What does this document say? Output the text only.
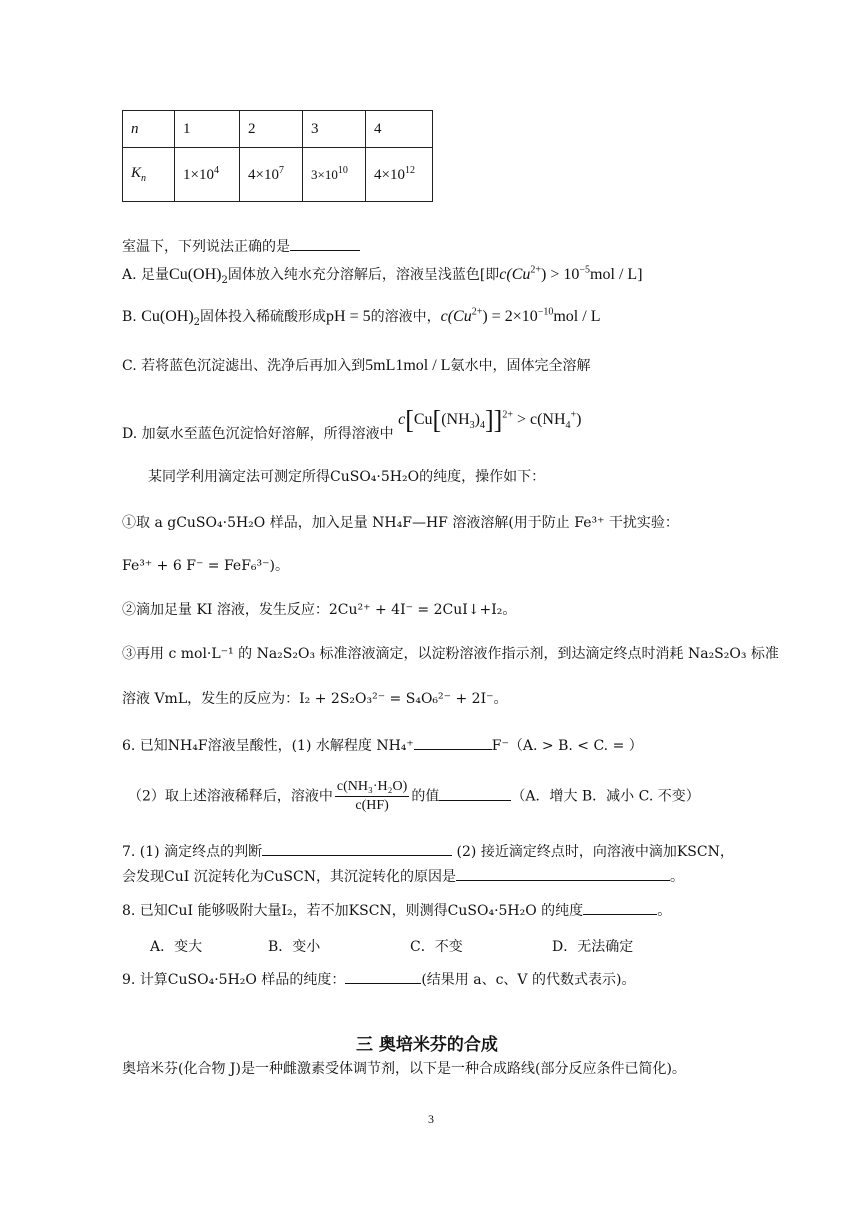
n	1	2	3	4
$K_n$	$1\times 10^4$	$4\times 10^7$	$3\times 10^{10}$	$4\times 10^{12}$
室温下，下列说法正确的是
A. 足量$Cu(OH)_2$固体放入纯水充分溶解后，溶液呈浅蓝色[即$c(Cu^{2+}) > 10^{-5}mol / L$]
B. $Cu(OH)_2$固体投入稀硫酸形成pH = 5的溶液中，$c(Cu^{2+}) = 2\times 10^{-10}mol / L$
C. 若将蓝色沉淀滤出、洗净后再加入到5mL1mol / L氨水中，固体完全溶解
D. 加氨水至蓝色沉淀恰好溶解，所得溶液中 $c[Cu[(NH_3)_4]]^{2+} > c(NH_4^+)$
某同学利用滴定法可测定所得CuSO₄·5H₂O的纯度，操作如下：
①取 a gCuSO₄·5H₂O 样品，加入足量 NH₄F—HF 溶液溶解(用于防止 Fe³⁺ 干扰实验：
Fe³⁺ + 6 F⁻ = FeF₆³⁻)。
②滴加足量 KI 溶液，发生反应：2Cu²⁺ + 4I⁻ = 2CuI↓+I₂。
③再用 c mol·L⁻¹ 的 Na₂S₂O₃ 标准溶液滴定，以淀粉溶液作指示剂，到达滴定终点时消耗 Na₂S₂O₃ 标准
溶液 VmL，发生的反应为：I₂ + 2S₂O₃²⁻ = S₄O₆²⁻ + 2I⁻。
6. 已知NH₄F溶液呈酸性，(1) 水解程度 NH₄⁺	F⁻（A. > B. < C. = ）
（2）取上述溶液稀释后，溶液中 $\frac{\text{c(NH₃·H₂O)}}{c(HF)}$ 的值	（A．增大 B．减小 C. 不变）
7. (1) 滴定终点的判断	(2) 接近滴定终点时，向溶液中滴加KSCN，
会发现CuI 沉淀转化为CuSCN，其沉淀转化的原因是	。
8. 已知CuI 能够吸附大量I₂，若不加KSCN，则测得CuSO₄·5H₂O 的纯度	。
A．变大	B．变小	C．不变	D．无法确定
9. 计算CuSO₄·5H₂O 样品的纯度：	(结果用 a、c、V 的代数式表示)。
三 奥培米芬的合成
奥培米芬(化合物 J)是一种雌激素受体调节剂，以下是一种合成路线(部分反应条件已简化)。
3
